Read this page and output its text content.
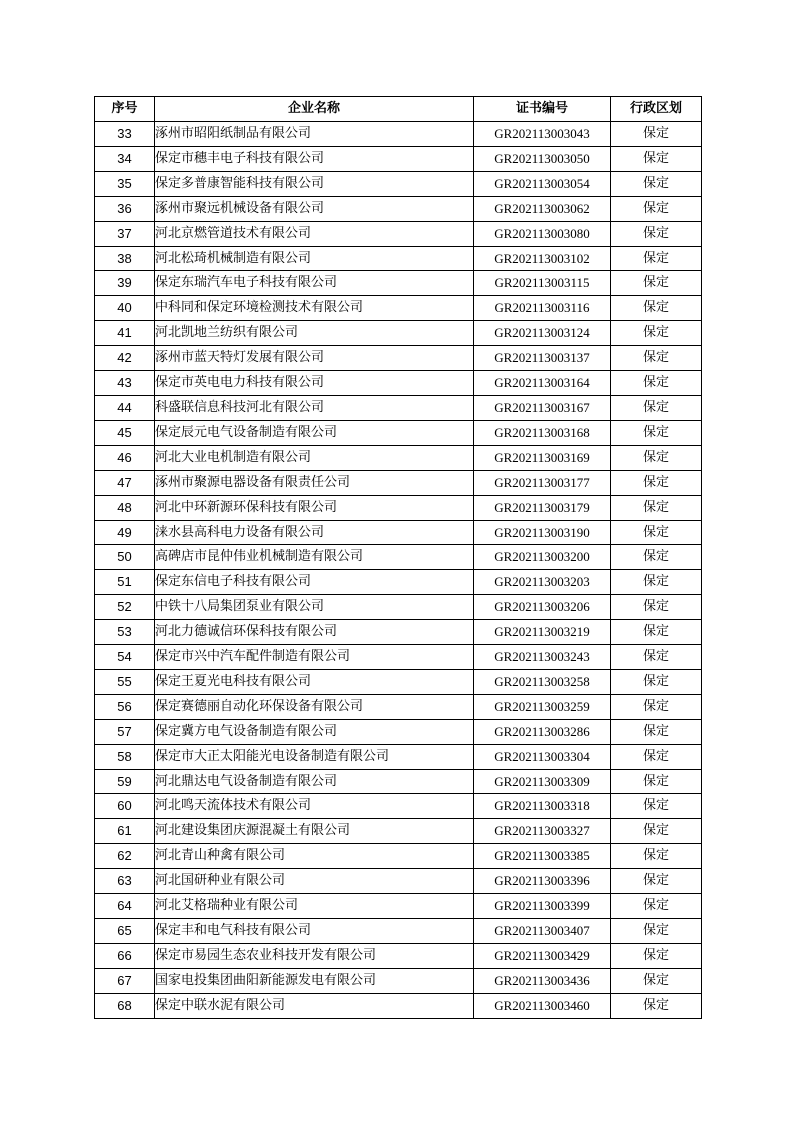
序号	企业名称	证书编号	行政区划
33	涿州市昭阳纸制品有限公司	GR202113003043	保定
34	保定市穗丰电子科技有限公司	GR202113003050	保定
35	保定多普康智能科技有限公司	GR202113003054	保定
36	涿州市聚远机械设备有限公司	GR202113003062	保定
37	河北京燃管道技术有限公司	GR202113003080	保定
38	河北松琦机械制造有限公司	GR202113003102	保定
39	保定东瑞汽车电子科技有限公司	GR202113003115	保定
40	中科同和保定环境检测技术有限公司	GR202113003116	保定
41	河北凯地兰纺织有限公司	GR202113003124	保定
42	涿州市蓝天特灯发展有限公司	GR202113003137	保定
43	保定市英电电力科技有限公司	GR202113003164	保定
44	科盛联信息科技河北有限公司	GR202113003167	保定
45	保定辰元电气设备制造有限公司	GR202113003168	保定
46	河北大业电机制造有限公司	GR202113003169	保定
47	涿州市聚源电器设备有限责任公司	GR202113003177	保定
48	河北中环新源环保科技有限公司	GR202113003179	保定
49	涞水县高科电力设备有限公司	GR202113003190	保定
50	高碑店市昆仲伟业机械制造有限公司	GR202113003200	保定
51	保定东信电子科技有限公司	GR202113003203	保定
52	中铁十八局集团泵业有限公司	GR202113003206	保定
53	河北力德诚信环保科技有限公司	GR202113003219	保定
54	保定市兴中汽车配件制造有限公司	GR202113003243	保定
55	保定王夏光电科技有限公司	GR202113003258	保定
56	保定赛德丽自动化环保设备有限公司	GR202113003259	保定
57	保定冀方电气设备制造有限公司	GR202113003286	保定
58	保定市大正太阳能光电设备制造有限公司	GR202113003304	保定
59	河北鼎达电气设备制造有限公司	GR202113003309	保定
60	河北鸣天流体技术有限公司	GR202113003318	保定
61	河北建设集团庆源混凝土有限公司	GR202113003327	保定
62	河北青山种禽有限公司	GR202113003385	保定
63	河北国研种业有限公司	GR202113003396	保定
64	河北艾格瑞种业有限公司	GR202113003399	保定
65	保定丰和电气科技有限公司	GR202113003407	保定
66	保定市易园生态农业科技开发有限公司	GR202113003429	保定
67	国家电投集团曲阳新能源发电有限公司	GR202113003436	保定
68	保定中联水泥有限公司	GR202113003460	保定
